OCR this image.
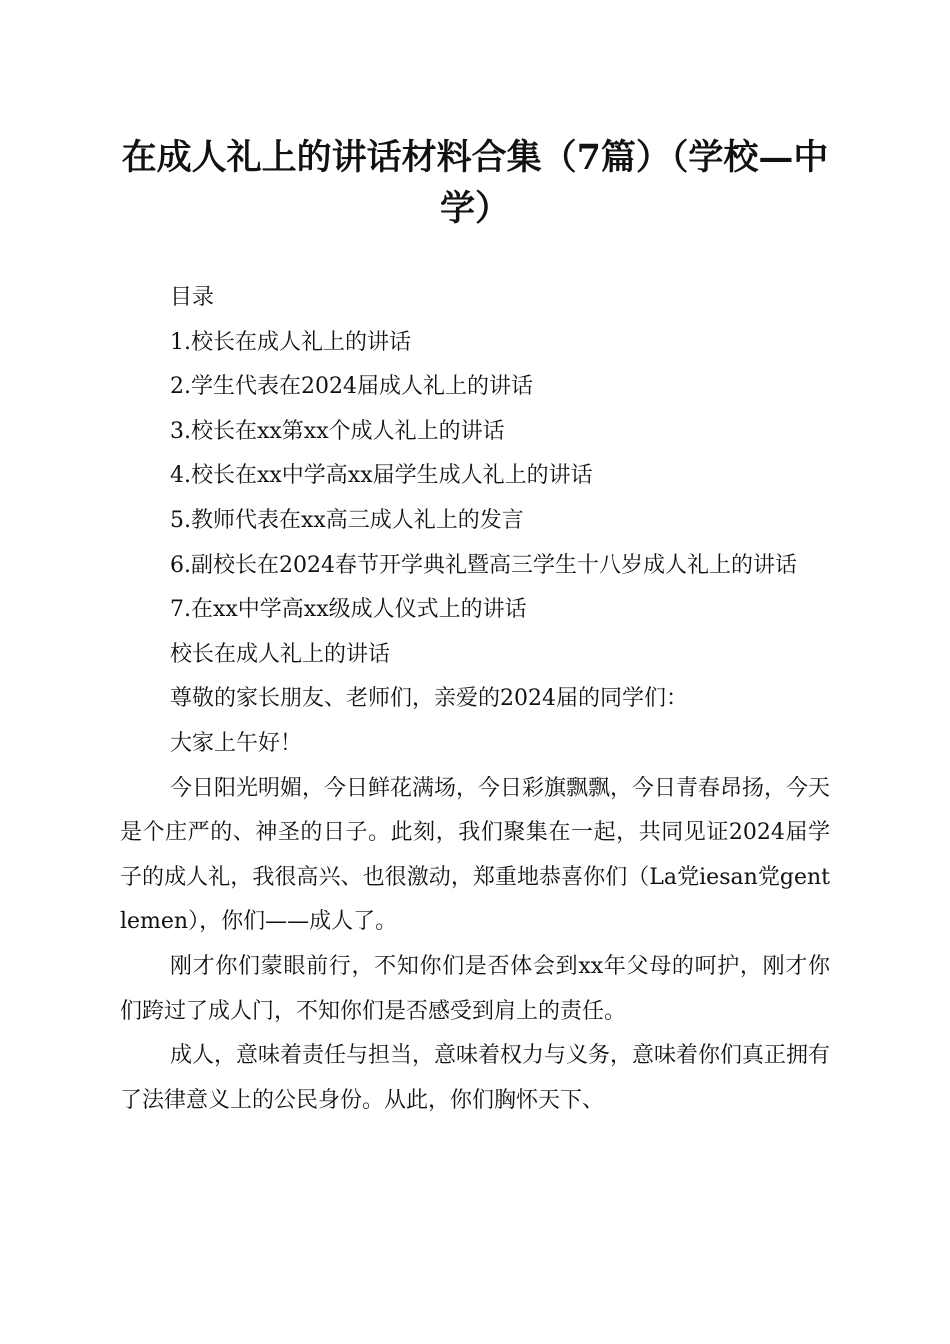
在成人礼上的讲话材料合集（7篇）（学校—中学）

目录

1.校长在成人礼上的讲话

2.学生代表在2024届成人礼上的讲话

3.校长在xx第xx个成人礼上的讲话

4.校长在xx中学高xx届学生成人礼上的讲话

5.教师代表在xx高三成人礼上的发言

6.副校长在2024春节开学典礼暨高三学生十八岁成人礼上的讲话

7.在xx中学高xx级成人仪式上的讲话

校长在成人礼上的讲话

尊敬的家长朋友、老师们，亲爱的2024届的同学们：

大家上午好！

今日阳光明媚，今日鲜花满场，今日彩旗飘飘，今日青春昂扬，今天是个庄严的、神圣的日子。此刻，我们聚集在一起，共同见证2024届学子的成人礼，我很高兴、也很激动，郑重地恭喜你们（La党iesan党gentlemen），你们——成人了。

刚才你们蒙眼前行，不知你们是否体会到xx年父母的呵护，刚才你们跨过了成人门，不知你们是否感受到肩上的责任。

成人，意味着责任与担当，意味着权力与义务，意味着你们真正拥有了法律意义上的公民身份。从此，你们胸怀天下、
